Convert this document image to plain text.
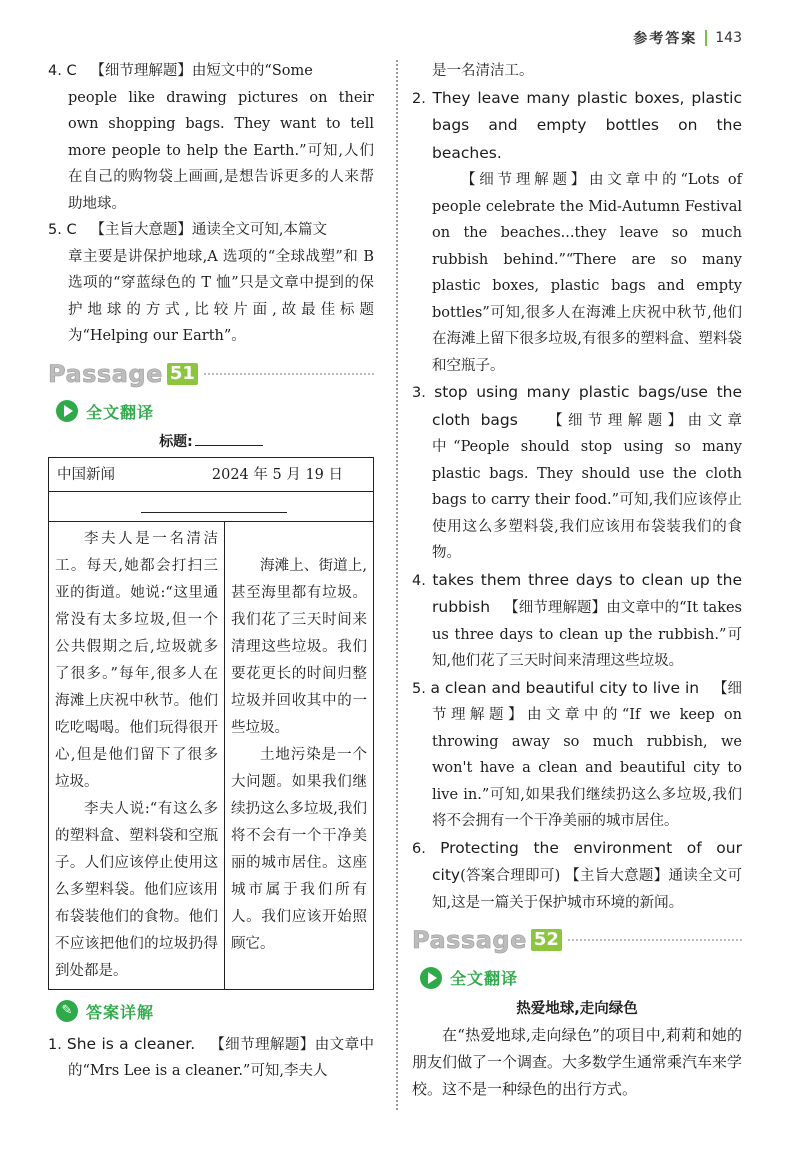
参考答案 143
4. C 【细节理解题】由短文中的“Some
people like drawing pictures on their own shopping bags. They want to tell more people to help the Earth.”可知,人们在自己的购物袋上画画,是想告诉更多的人来帮助地球。
5. C 【主旨大意题】通读全文可知,本篇文
章主要是讲保护地球,A 选项的“全球战塑”和 B 选项的“穿蓝绿色的 T 恤”只是文章中提到的保护地球的方式,比较片面,故最佳标题为“Helping our Earth”。
Passage 51
全文翻译
标题:
中国新闻	2024 年 5 月 19 日

李夫人是一名清洁工。每天,她都会打扫三亚的街道。她说:“这里通常没有太多垃圾,但一个公共假期之后,垃圾就多了很多。”每年,很多人在海滩上庆祝中秋节。他们吃吃喝喝。他们玩得很开心,但是他们留下了很多垃圾。

李夫人说:“有这么多的塑料盒、塑料袋和空瓶子。人们应该停止使用这么多塑料袋。他们应该用布袋装他们的食物。他们不应该把他们的垃圾扔得到处都是。

海滩上、街道上,甚至海里都有垃圾。我们花了三天时间来清理这些垃圾。我们要花更长的时间归整垃圾并回收其中的一些垃圾。

土地污染是一个大问题。如果我们继续扔这么多垃圾,我们将不会有一个干净美丽的城市居住。这座城市属于我们所有人。我们应该开始照顾它。

✎ 答案详解
1. She is a cleaner. 【细节理解题】由文章中的“Mrs Lee is a cleaner.”可知,李夫人
是一名清洁工。
2. They leave many plastic boxes, plastic bags and empty bottles on the beaches.

【细节理解题】由文章中的“Lots of people celebrate the Mid-Autumn Festival on the beaches...they leave so much rubbish behind.”“There are so many plastic boxes, plastic bags and empty bottles”可知,很多人在海滩上庆祝中秋节,他们在海滩上留下很多垃圾,有很多的塑料盒、塑料袋和空瓶子。

3. stop using many plastic bags/use the cloth bags 【细节理解题】由文章中“People should stop using so many plastic bags. They should use the cloth bags to carry their food.”可知,我们应该停止使用这么多塑料袋,我们应该用布袋装我们的食物。
4. takes them three days to clean up the rubbish 【细节理解题】由文章中的“It takes us three days to clean up the rubbish.”可知,他们花了三天时间来清理这些垃圾。
5. a clean and beautiful city to live in 【细节理解题】由文章中的“If we keep on throwing away so much rubbish, we won't have a clean and beautiful city to live in.”可知,如果我们继续扔这么多垃圾,我们将不会拥有一个干净美丽的城市居住。
6. Protecting the environment of our city(答案合理即可) 【主旨大意题】通读全文可知,这是一篇关于保护城市环境的新闻。
Passage 52
全文翻译
热爱地球,走向绿色

在“热爱地球,走向绿色”的项目中,莉莉和她的朋友们做了一个调查。大多数学生通常乘汽车来学校。这不是一种绿色的出行方式。
